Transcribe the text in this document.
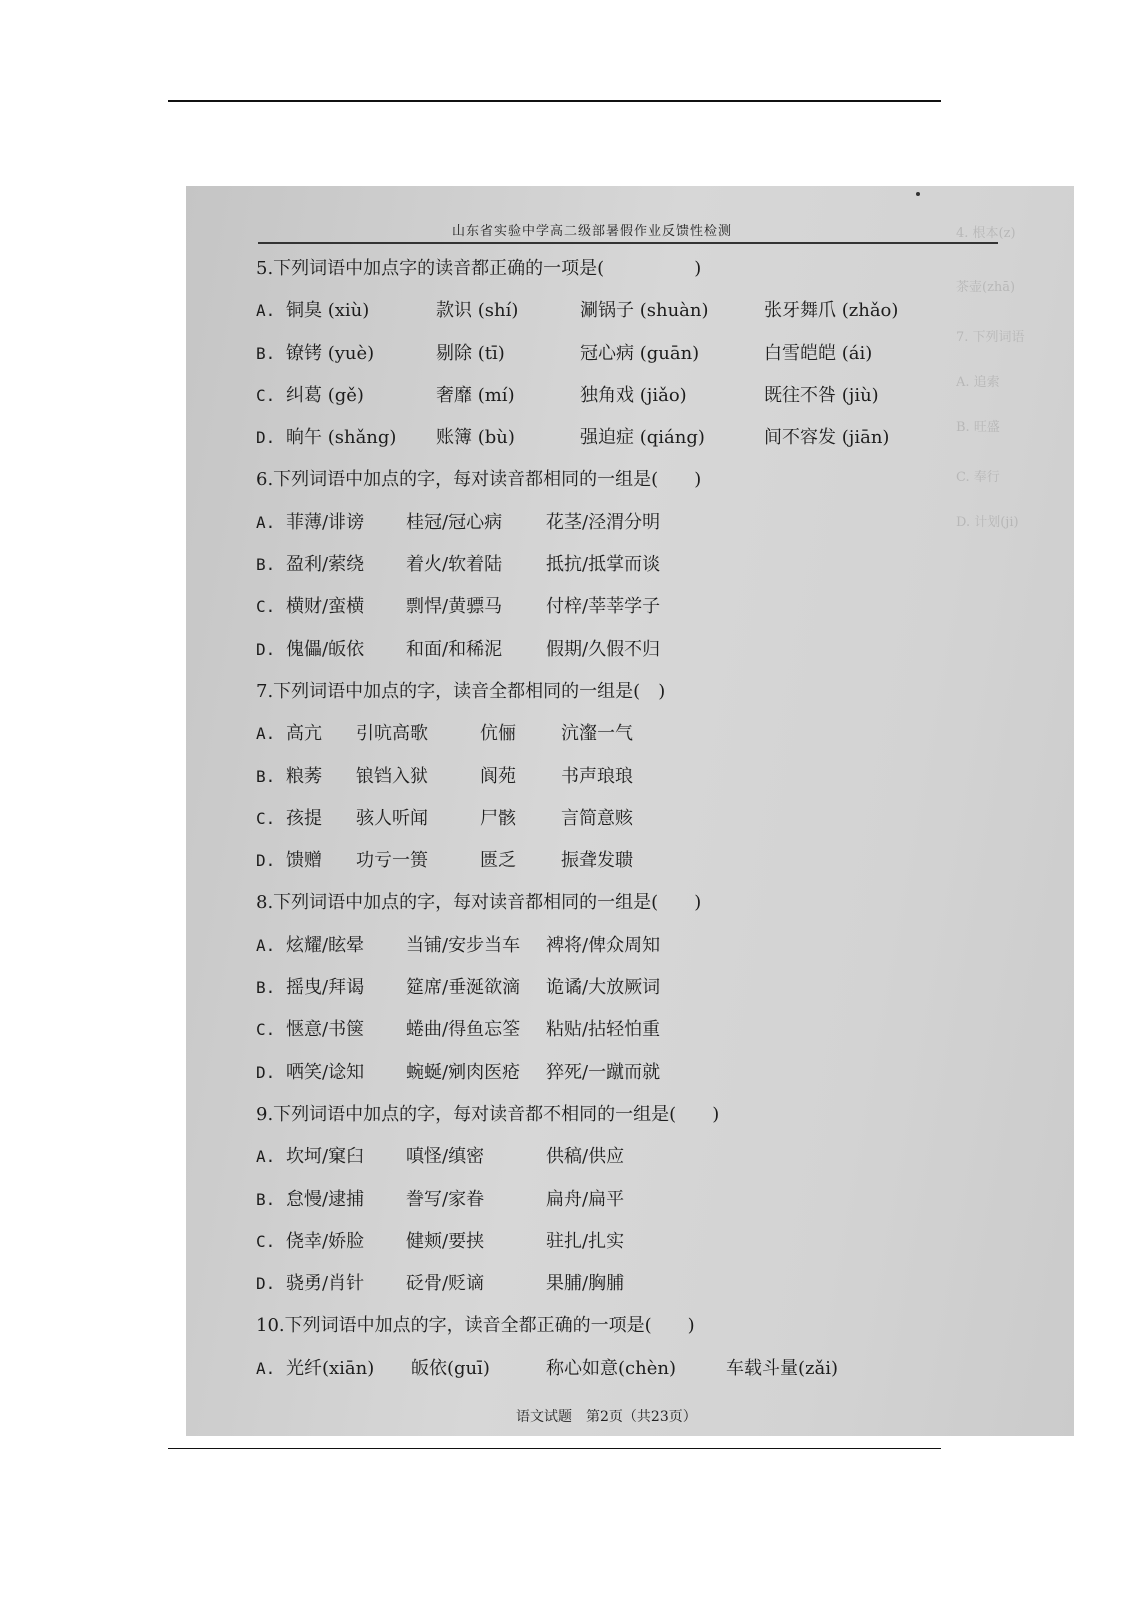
山东省实验中学高二级部暑假作业反馈性检测	4. 根本(z)
茶壶(zhā)
7. 下列词语
A. 追索
B. 旺盛
C. 奉行
D. 计划(ji)
5.下列词语中加点字的读音都正确的一项是(　　　　　)
A. 铜臭 (xiù)	款识 (shí)	涮锅子 (shuàn)	张牙舞爪 (zhǎo)
B. 镣铐 (yuè)	剔除 (tī)	冠心病 (guān)	白雪皑皑 (ái)
C. 纠葛 (gě)	奢靡 (mí)	独角戏 (jiǎo)	既往不咎 (jiù)
D. 晌午 (shǎng) 账簿 (bù)	强迫症 (qiáng)	间不容发 (jiān)
6.下列词语中加点的字，每对读音都相同的一组是(　　)
A. 菲薄/诽谤 桂冠/冠心病 花茎/泾渭分明
B. 盈利/萦绕 着火/软着陆 抵抗/抵掌而谈
C. 横财/蛮横 剽悍/黄骠马 付梓/莘莘学子
D. 傀儡/皈依 和面/和稀泥 假期/久假不归
7.下列词语中加点的字，读音全都相同的一组是(　)
A. 高亢 引吭高歌	伉俪	沆瀣一气
B. 粮莠 锒铛入狱	阆苑	书声琅琅
C. 孩提 骇人听闻	尸骸	言简意赅
D. 馈赠 功亏一篑	匮乏	振聋发聩
8.下列词语中加点的字，每对读音都相同的一组是(　　)
A. 炫耀/眩晕 当铺/安步当车 裨将/俾众周知
B. 摇曳/拜谒 筵席/垂涎欲滴 诡谲/大放厥词
C. 惬意/书箧 蜷曲/得鱼忘筌 粘贴/拈轻怕重
D. 哂笑/谂知 蜿蜒/剜肉医疮 猝死/一蹴而就
9.下列词语中加点的字，每对读音都不相同的一组是(　　)
A. 坎坷/窠臼 嗔怪/缜密	供稿/供应
B. 怠慢/逮捕 誊写/家眷	扁舟/扁平
C. 侥幸/娇脸 健颊/要挟	驻扎/扎实
D. 骁勇/肖针 砭骨/贬谪	果脯/胸脯
10.下列词语中加点的字，读音全都正确的一项是(　　)
A. 光纤(xiān) 皈依(guī)	称心如意(chèn)	车载斗量(zǎi)
语文试题　第2页（共23页）
